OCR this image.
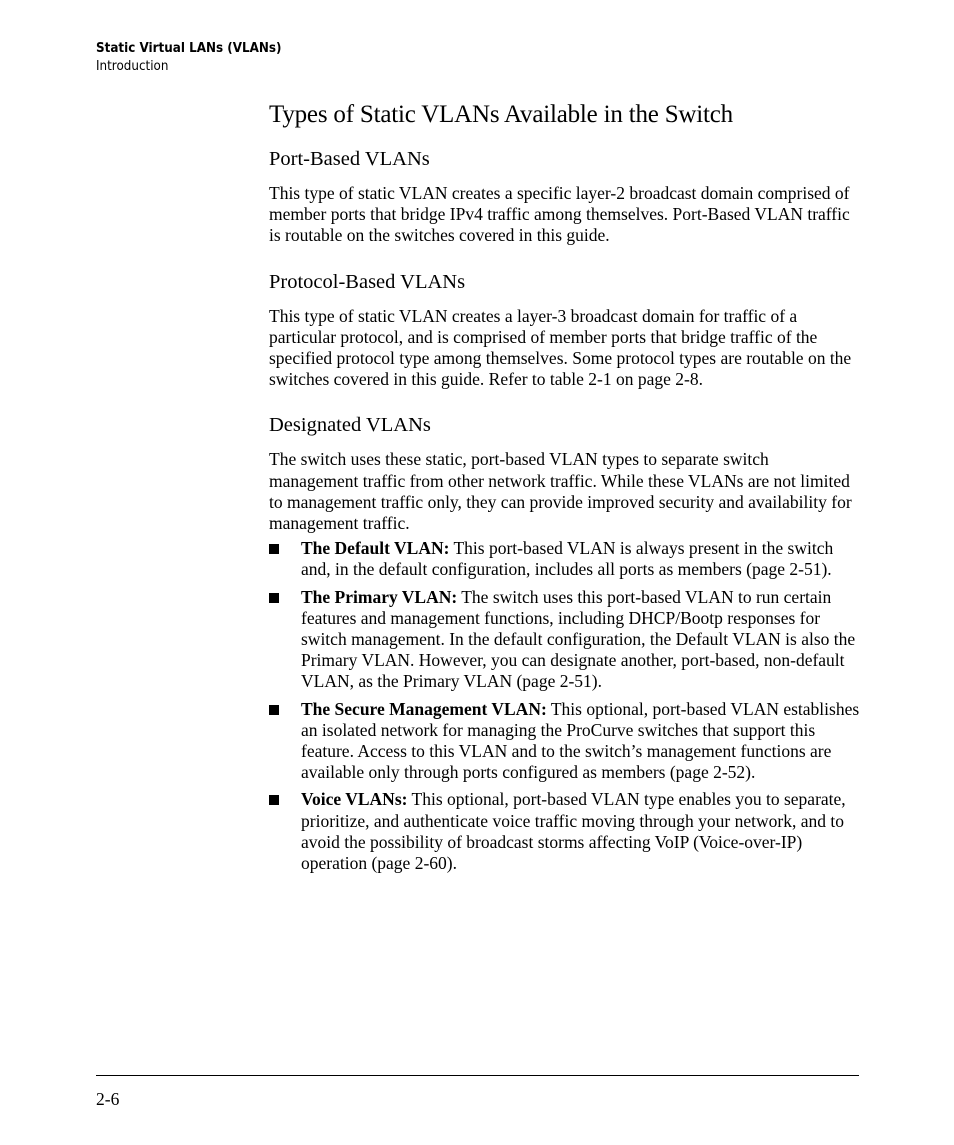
Static Virtual LANs (VLANs)
Introduction
Types of Static VLANs Available in the Switch
Port-Based VLANs

This type of static VLAN creates a specific layer-2 broadcast domain comprised of member ports that bridge IPv4 traffic among themselves. Port-Based VLAN traffic is routable on the switches covered in this guide.

Protocol-Based VLANs

This type of static VLAN creates a layer-3 broadcast domain for traffic of a particular protocol, and is comprised of member ports that bridge traffic of the specified protocol type among themselves. Some protocol types are routable on the switches covered in this guide. Refer to table 2-1 on page 2-8.

Designated VLANs

The switch uses these static, port-based VLAN types to separate switch management traffic from other network traffic. While these VLANs are not limited to management traffic only, they can provide improved security and availability for management traffic.

The Default VLAN: This port-based VLAN is always present in the switch and, in the default configuration, includes all ports as members (page 2-51).
The Primary VLAN: The switch uses this port-based VLAN to run certain features and management functions, including DHCP/Bootp responses for switch management. In the default configuration, the Default VLAN is also the Primary VLAN. However, you can designate another, port-based, non-default VLAN, as the Primary VLAN (page 2-51).
The Secure Management VLAN: This optional, port-based VLAN establishes an isolated network for managing the ProCurve switches that support this feature. Access to this VLAN and to the switch’s management functions are available only through ports configured as members (page 2-52).
Voice VLANs: This optional, port-based VLAN type enables you to separate, prioritize, and authenticate voice traffic moving through your network, and to avoid the possibility of broadcast storms affecting VoIP (Voice-over-IP) operation (page 2-60).
2-6
